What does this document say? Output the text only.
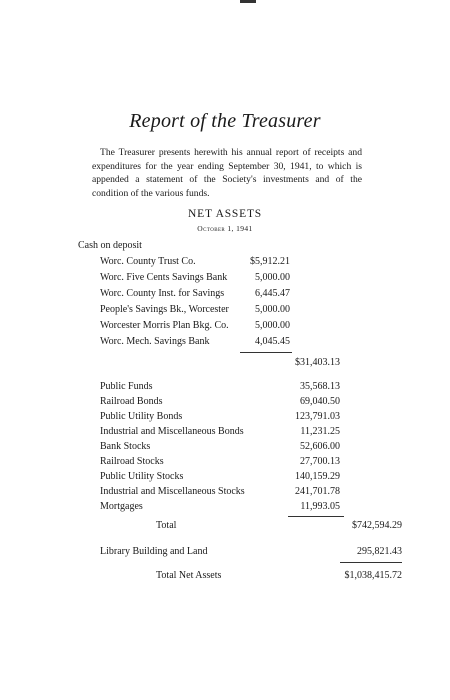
Report of the Treasurer
The Treasurer presents herewith his annual report of receipts and expenditures for the year ending September 30, 1941, to which is appended a statement of the Society's investments and of the condition of the various funds.
NET ASSETS
October 1, 1941
Cash on deposit
Worc. County Trust Co.	$5,912.21
Worc. Five Cents Savings Bank	5,000.00
Worc. County Inst. for Savings	6,445.47
People's Savings Bk., Worcester	5,000.00
Worcester Morris Plan Bkg. Co.	5,000.00
Worc. Mech. Savings Bank	4,045.45
$31,403.13
Public Funds	35,568.13
Railroad Bonds	69,040.50
Public Utility Bonds	123,791.03
Industrial and Miscellaneous Bonds	11,231.25
Bank Stocks	52,606.00
Railroad Stocks	27,700.13
Public Utility Stocks	140,159.29
Industrial and Miscellaneous Stocks	241,701.78
Mortgages	11,993.05
Total	$742,594.29
Library Building and Land	295,821.43
Total Net Assets	$1,038,415.72
